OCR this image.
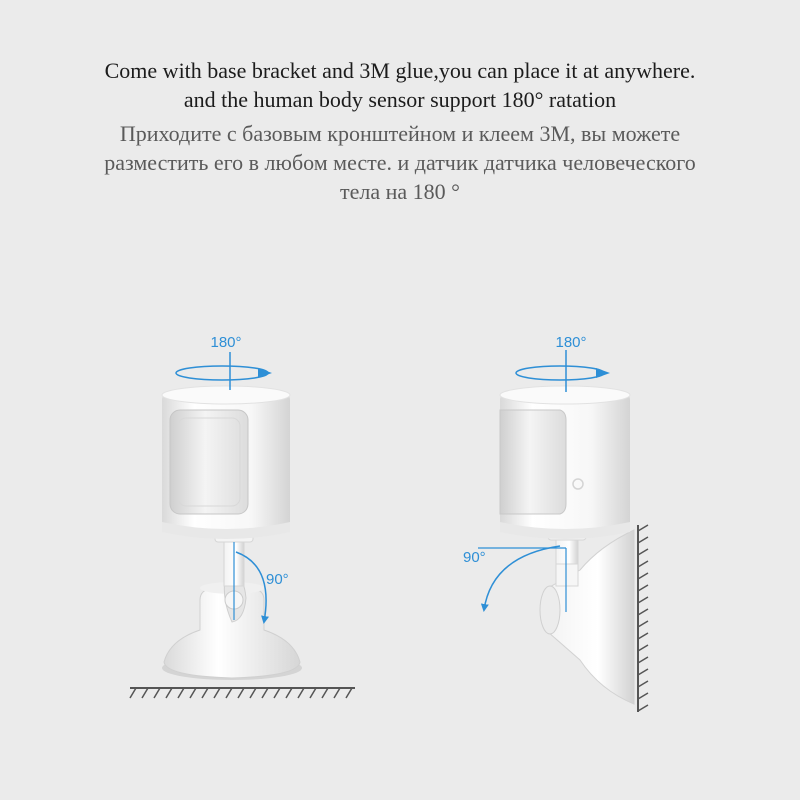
Come with base bracket and 3M glue,you can place it at anywhere.

and the human body sensor support 180° ratation

Приходите с базовым кронштейном и клеем 3M, вы можете

разместить его в любом месте. и датчик датчика человеческого

тела на 180 °

180°
90°
180°
90°
